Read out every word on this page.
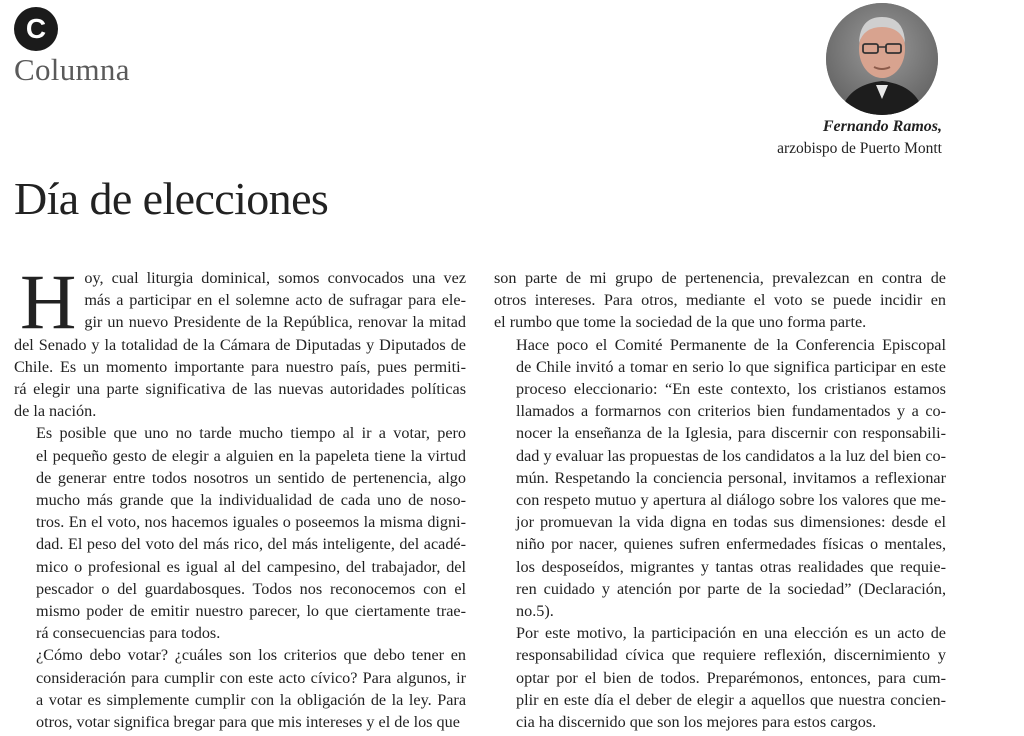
C
Columna
Fernando Ramos,
arzobispo de Puerto Montt
Día de elecciones

H oy, cual liturgia dominical, somos convocados una vez
más a participar en el solemne acto de sufragar para ele-
gir un nuevo Presidente de la República, renovar la mitad
del Senado y la totalidad de la Cámara de Diputadas y Diputados de
Chile. Es un momento importante para nuestro país, pues permiti-
rá elegir una parte significativa de las nuevas autoridades políticas
de la nación.

Es posible que uno no tarde mucho tiempo al ir a votar, pero
el pequeño gesto de elegir a alguien en la papeleta tiene la virtud
de generar entre todos nosotros un sentido de pertenencia, algo
mucho más grande que la individualidad de cada uno de noso-
tros. En el voto, nos hacemos iguales o poseemos la misma digni-
dad. El peso del voto del más rico, del más inteligente, del acadé-
mico o profesional es igual al del campesino, del trabajador, del
pescador o del guardabosques. Todos nos reconocemos con el
mismo poder de emitir nuestro parecer, lo que ciertamente trae-
rá consecuencias para todos.

¿Cómo debo votar? ¿cuáles son los criterios que debo tener en
consideración para cumplir con este acto cívico? Para algunos, ir
a votar es simplemente cumplir con la obligación de la ley. Para
otros, votar significa bregar para que mis intereses y el de los que

son parte de mi grupo de pertenencia, prevalezcan en contra de
otros intereses. Para otros, mediante el voto se puede incidir en
el rumbo que tome la sociedad de la que uno forma parte.

Hace poco el Comité Permanente de la Conferencia Episcopal
de Chile invitó a tomar en serio lo que significa participar en este
proceso eleccionario: “En este contexto, los cristianos estamos
llamados a formarnos con criterios bien fundamentados y a co-
nocer la enseñanza de la Iglesia, para discernir con responsabili-
dad y evaluar las propuestas de los candidatos a la luz del bien co-
mún. Respetando la conciencia personal, invitamos a reflexionar
con respeto mutuo y apertura al diálogo sobre los valores que me-
jor promuevan la vida digna en todas sus dimensiones: desde el
niño por nacer, quienes sufren enfermedades físicas o mentales,
los desposeídos, migrantes y tantas otras realidades que requie-
ren cuidado y atención por parte de la sociedad” (Declaración,
no.5).

Por este motivo, la participación en una elección es un acto de
responsabilidad cívica que requiere reflexión, discernimiento y
optar por el bien de todos. Preparémonos, entonces, para cum-
plir en este día el deber de elegir a aquellos que nuestra concien-
cia ha discernido que son los mejores para estos cargos.
